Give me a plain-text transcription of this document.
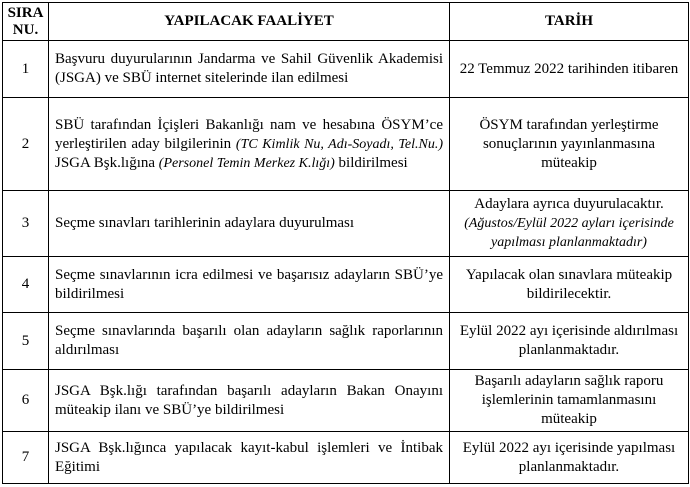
SIRA NU.	YAPILACAK FAALİYET	TARİH
1	Başvuru duyurularının Jandarma ve Sahil Güvenlik Akademisi (JSGA) ve SBÜ internet sitelerinde ilan edilmesi	22 Temmuz 2022 tarihinden itibaren
2	SBÜ tarafından İçişleri Bakanlığı nam ve hesabına ÖSYM’ce yerleştirilen aday bilgilerinin (TC Kimlik Nu, Adı-Soyadı, Tel.Nu.) JSGA Bşk.lığına (Personel Temin Merkez K.lığı) bildirilmesi	ÖSYM tarafından yerleştirme sonuçlarının yayınlanmasına müteakip
3	Seçme sınavları tarihlerinin adaylara duyurulması	Adaylara ayrıca duyurulacaktır.
(Ağustos/Eylül 2022 ayları içerisinde yapılması planlanmaktadır)
4	Seçme sınavlarının icra edilmesi ve başarısız adayların SBÜ’ye bildirilmesi	Yapılacak olan sınavlara müteakip bildirilecektir.
5	Seçme sınavlarında başarılı olan adayların sağlık raporlarının aldırılması	Eylül 2022 ayı içerisinde aldırılması planlanmaktadır.
6	JSGA Bşk.lığı tarafından başarılı adayların Bakan Onayını müteakip ilanı ve SBÜ’ye bildirilmesi	Başarılı adayların sağlık raporu işlemlerinin tamamlanmasını müteakip
7	JSGA Bşk.lığınca yapılacak kayıt-kabul işlemleri ve İntibak Eğitimi	Eylül 2022 ayı içerisinde yapılması planlanmaktadır.
